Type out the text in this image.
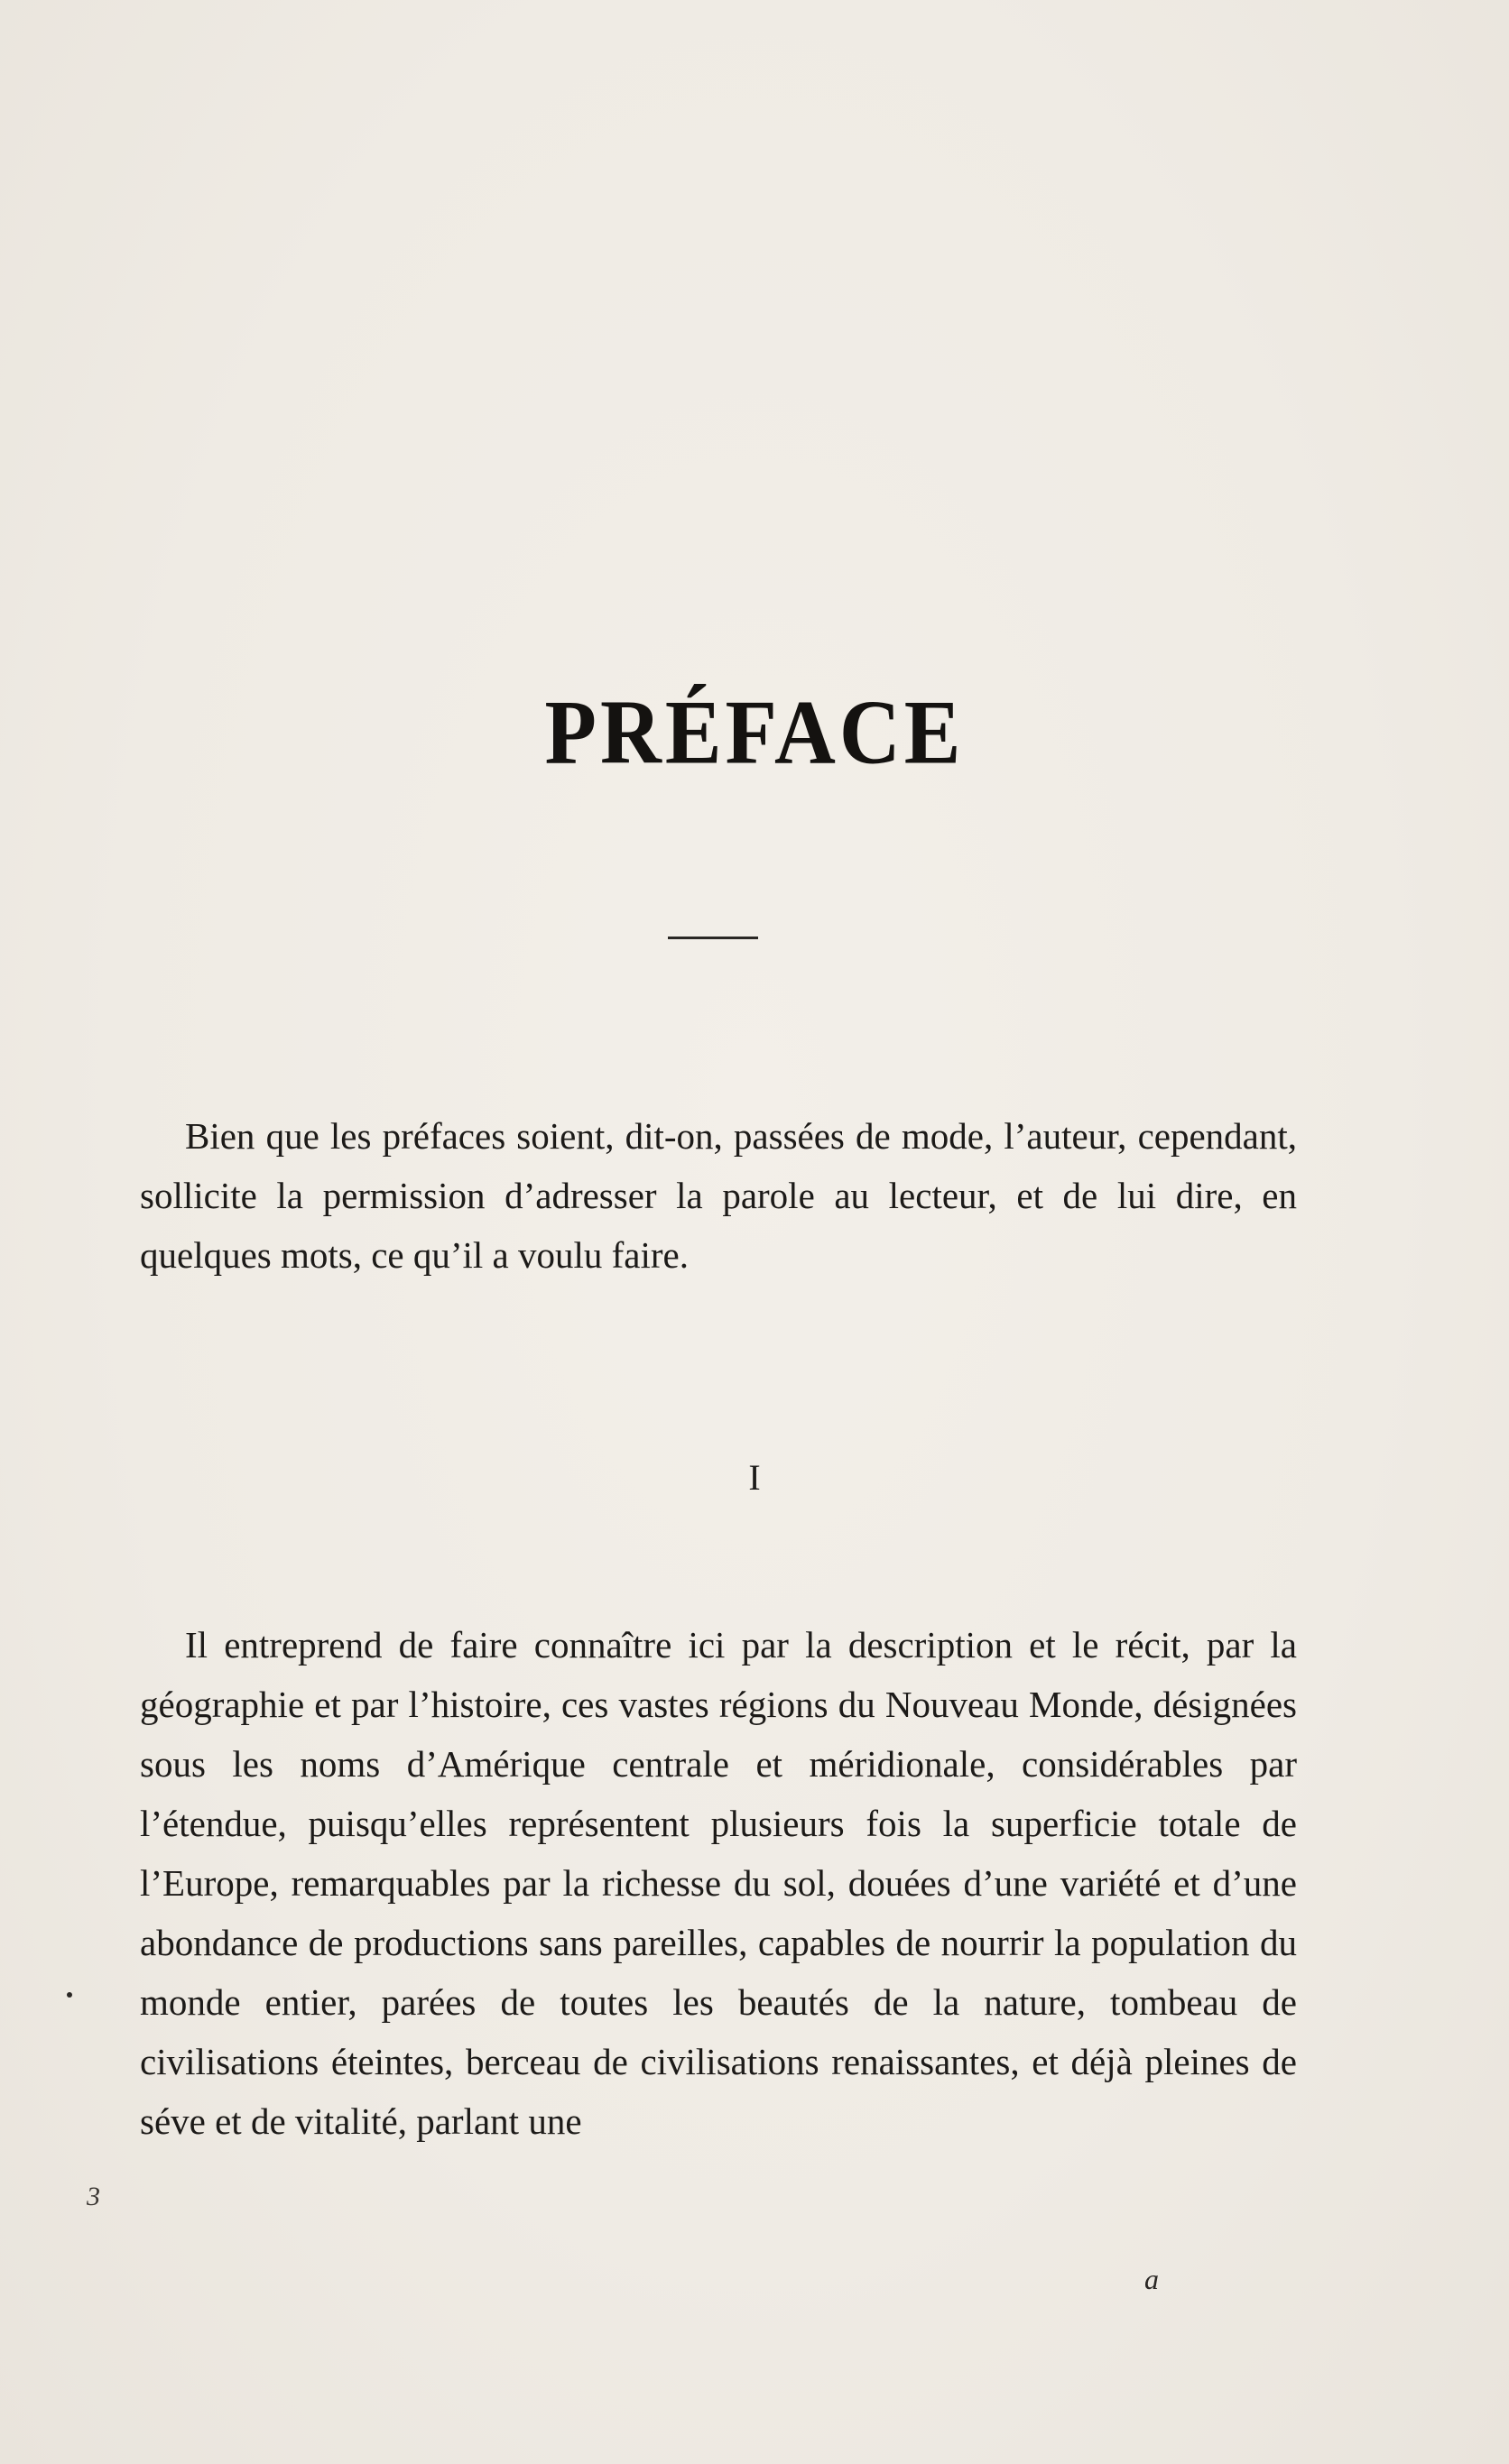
PRÉFACE

Bien que les préfaces soient, dit-on, passées de mode, l’auteur, cependant, sollicite la permission d’adresser la parole au lecteur, et de lui dire, en quelques mots, ce qu’il a voulu faire.

I

Il entreprend de faire connaître ici par la description et le récit, par la géographie et par l’histoire, ces vastes régions du Nouveau Monde, désignées sous les noms d’Amérique centrale et méridionale, considérables par l’étendue, puisqu’elles représentent plusieurs fois la superficie totale de l’Europe, remarquables par la richesse du sol, douées d’une variété et d’une abondance de productions sans pareilles, capables de nourrir la population du monde entier, parées de toutes les beautés de la nature, tombeau de civilisations éteintes, berceau de civilisations renaissantes, et déjà pleines de séve et de vitalité, parlant une

3
a
